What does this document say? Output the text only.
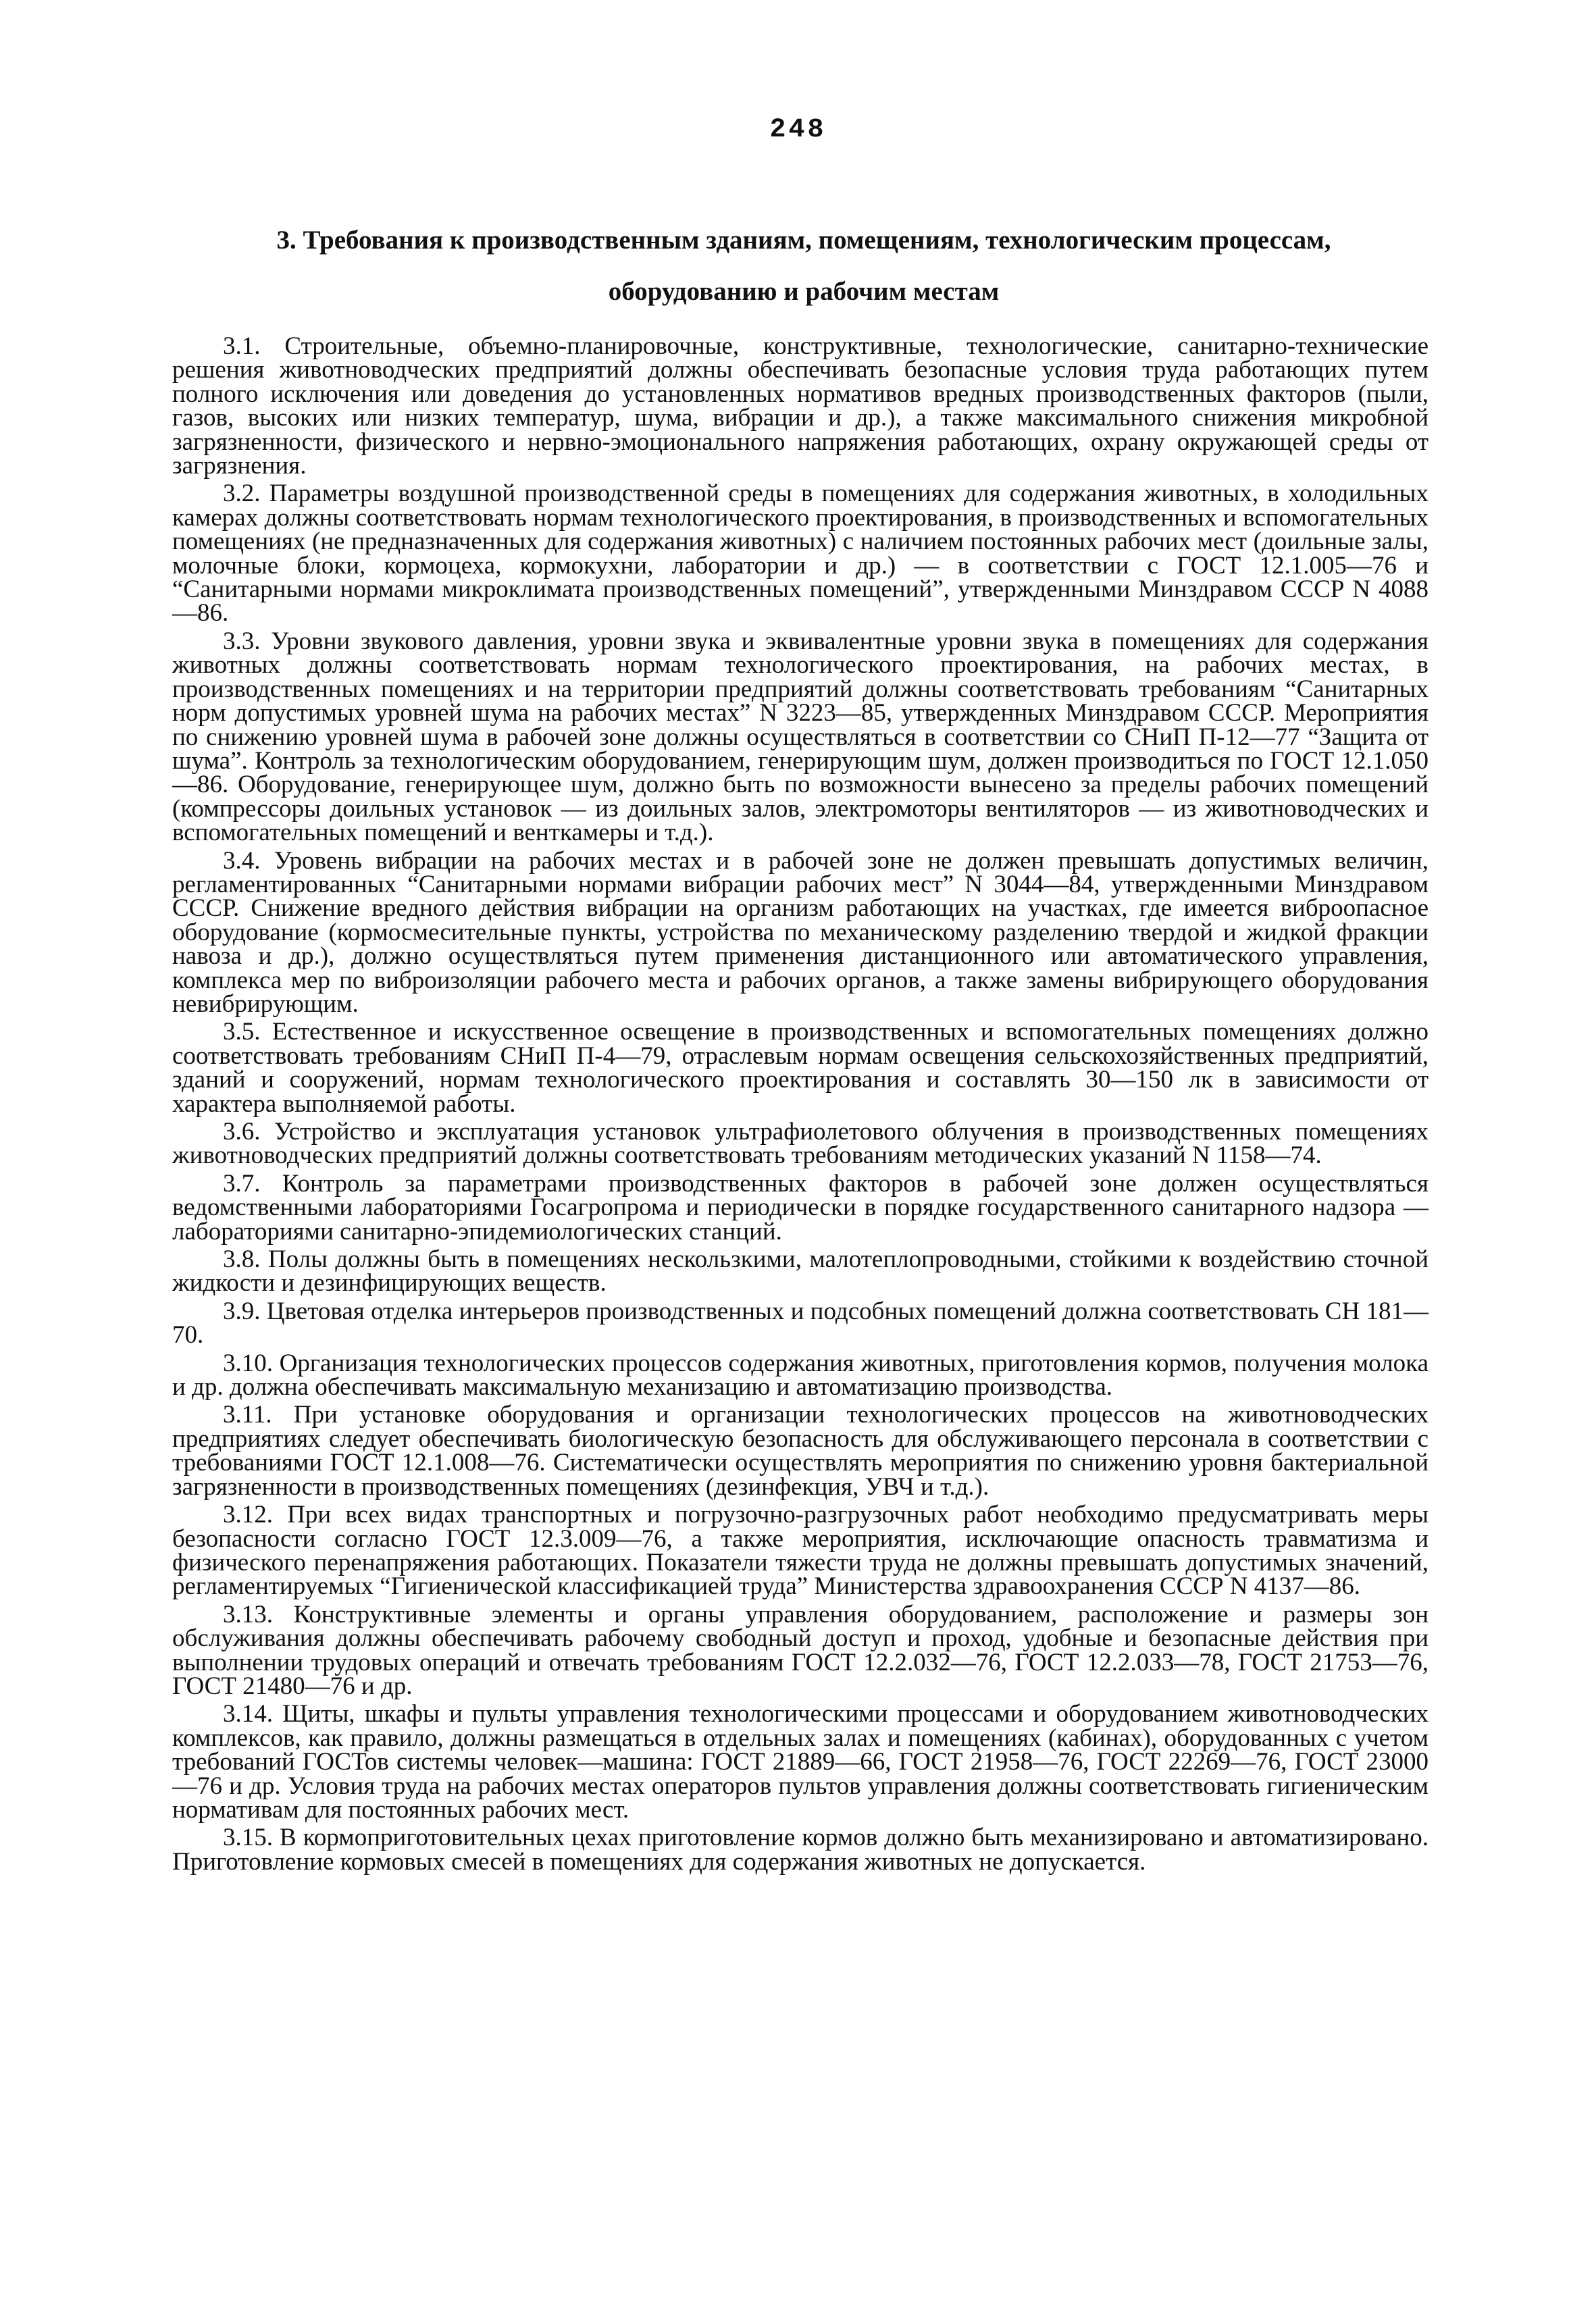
248
3. Требования к производственным зданиям, помещениям, технологическим процессам, оборудованию и рабочим местам

3.1. Строительные, объемно-планировочные, конструктивные, технологические, санитарно-технические решения животноводческих предприятий должны обеспечивать безопасные условия труда работающих путем полного исключения или доведения до установленных нормативов вредных производственных факторов (пыли, газов, высоких или низких температур, шума, вибрации и др.), а также максимального снижения микробной загрязненности, физического и нервно-эмоционального напряжения работающих, охрану окружающей среды от загрязнения.

3.2. Параметры воздушной производственной среды в помещениях для содержания животных, в холодильных камерах должны соответствовать нормам технологического проектирования, в производственных и вспомогательных помещениях (не предназначенных для содержания животных) с наличием постоянных рабочих мест (доильные залы, молочные блоки, кормоцеха, кормокухни, лаборатории и др.) — в соответствии с ГОСТ 12.1.005—76 и “Санитарными нормами микроклимата производственных помещений”, утвержденными Минздравом СССР N 4088—86.

3.3. Уровни звукового давления, уровни звука и эквивалентные уровни звука в помещениях для содержания животных должны соответствовать нормам технологического проектирования, на рабочих местах, в производственных помещениях и на территории предприятий должны соответствовать требованиям “Санитарных норм допустимых уровней шума на рабочих местах” N 3223—85, утвержденных Минздравом СССР. Мероприятия по снижению уровней шума в рабочей зоне должны осуществляться в соответствии со СНиП П-12—77 “Защита от шума”. Контроль за технологическим оборудованием, генерирующим шум, должен производиться по ГОСТ 12.1.050—86. Оборудование, генерирующее шум, должно быть по возможности вынесено за пределы рабочих помещений (компрессоры доильных установок — из доильных залов, электромоторы вентиляторов — из животноводческих и вспомогательных помещений и венткамеры и т.д.).

3.4. Уровень вибрации на рабочих местах и в рабочей зоне не должен превышать допустимых величин, регламентированных “Санитарными нормами вибрации рабочих мест” N 3044—84, утвержденными Минздравом СССР. Снижение вредного действия вибрации на организм работающих на участках, где имеется виброопасное оборудование (кормосмесительные пункты, устройства по механическому разделению твердой и жидкой фракции навоза и др.), должно осуществляться путем применения дистанционного или автоматического управления, комплекса мер по виброизоляции рабочего места и рабочих органов, а также замены вибрирующего оборудования невибрирующим.

3.5. Естественное и искусственное освещение в производственных и вспомогательных помещениях должно соответствовать требованиям СНиП П-4—79, отраслевым нормам освещения сельскохозяйственных предприятий, зданий и сооружений, нормам технологического проектирования и составлять 30—150 лк в зависимости от характера выполняемой работы.

3.6. Устройство и эксплуатация установок ультрафиолетового облучения в производственных помещениях животноводческих предприятий должны соответствовать требованиям методических указаний N 1158—74.

3.7. Контроль за параметрами производственных факторов в рабочей зоне должен осуществляться ведомственными лабораториями Госагропрома и периодически в порядке государственного санитарного надзора — лабораториями санитарно-эпидемиологических станций.

3.8. Полы должны быть в помещениях нескользкими, малотеплопроводными, стойкими к воздействию сточной жидкости и дезинфицирующих веществ.

3.9. Цветовая отделка интерьеров производственных и подсобных помещений должна соответствовать СН 181—70.

3.10. Организация технологических процессов содержания животных, приготовления кормов, получения молока и др. должна обеспечивать максимальную механизацию и автоматизацию производства.

3.11. При установке оборудования и организации технологических процессов на животноводческих предприятиях следует обеспечивать биологическую безопасность для обслуживающего персонала в соответствии с требованиями ГОСТ 12.1.008—76. Систематически осуществлять мероприятия по снижению уровня бактериальной загрязненности в производственных помещениях (дезинфекция, УВЧ и т.д.).

3.12. При всех видах транспортных и погрузочно-разгрузочных работ необходимо предусматривать меры безопасности согласно ГОСТ 12.3.009—76, а также мероприятия, исключающие опасность травматизма и физического перенапряжения работающих. Показатели тяжести труда не должны превышать допустимых значений, регламентируемых “Гигиенической классификацией труда” Министерства здравоохранения СССР N 4137—86.

3.13. Конструктивные элементы и органы управления оборудованием, расположение и размеры зон обслуживания должны обеспечивать рабочему свободный доступ и проход, удобные и безопасные действия при выполнении трудовых операций и отвечать требованиям ГОСТ 12.2.032—76, ГОСТ 12.2.033—78, ГОСТ 21753—76, ГОСТ 21480—76 и др.

3.14. Щиты, шкафы и пульты управления технологическими процессами и оборудованием животноводческих комплексов, как правило, должны размещаться в отдельных залах и помещениях (кабинах), оборудованных с учетом требований ГОСТов системы человек—машина: ГОСТ 21889—66, ГОСТ 21958—76, ГОСТ 22269—76, ГОСТ 23000—76 и др. Условия труда на рабочих местах операторов пультов управления должны соответствовать гигиеническим нормативам для постоянных рабочих мест.

3.15. В кормоприготовительных цехах приготовление кормов должно быть механизировано и автоматизировано. Приготовление кормовых смесей в помещениях для содержания животных не допускается.
